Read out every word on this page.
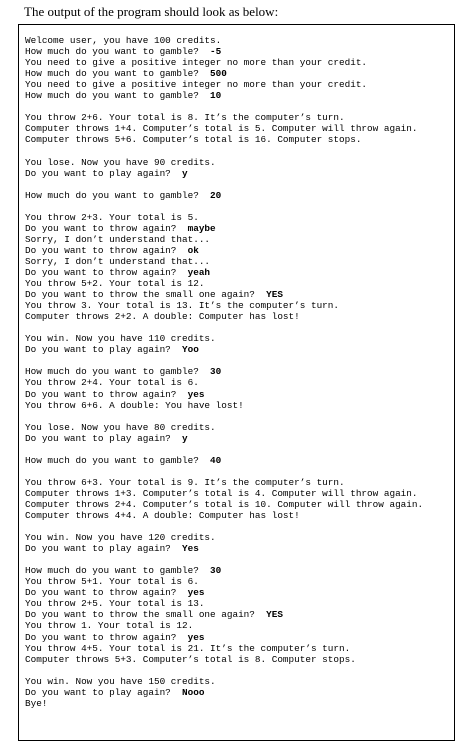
The output of the program should look as below:
Welcome user, you have 100 credits.
How much do you want to gamble?  -5
You need to give a positive integer no more than your credit.
How much do you want to gamble?  500
You need to give a positive integer no more than your credit.
How much do you want to gamble?  10
You throw 2+6. Your total is 8. It’s the computer’s turn.
Computer throws 1+4. Computer’s total is 5. Computer will throw again.
Computer throws 5+6. Computer’s total is 16. Computer stops.
You lose. Now you have 90 credits.
Do you want to play again?  y
How much do you want to gamble?  20
You throw 2+3. Your total is 5.
Do you want to throw again?  maybe
Sorry, I don’t understand that...
Do you want to throw again?  ok
Sorry, I don’t understand that...
Do you want to throw again?  yeah
You throw 5+2. Your total is 12.
Do you want to throw the small one again?  YES
You throw 3. Your total is 13. It’s the computer’s turn.
Computer throws 2+2. A double: Computer has lost!
You win. Now you have 110 credits.
Do you want to play again?  Yoo
How much do you want to gamble?  30
You throw 2+4. Your total is 6.
Do you want to throw again?  yes
You throw 6+6. A double: You have lost!
You lose. Now you have 80 credits.
Do you want to play again?  y
How much do you want to gamble?  40
You throw 6+3. Your total is 9. It’s the computer’s turn.
Computer throws 1+3. Computer’s total is 4. Computer will throw again.
Computer throws 2+4. Computer’s total is 10. Computer will throw again.
Computer throws 4+4. A double: Computer has lost!
You win. Now you have 120 credits.
Do you want to play again?  Yes
How much do you want to gamble?  30
You throw 5+1. Your total is 6.
Do you want to throw again?  yes
You throw 2+5. Your total is 13.
Do you want to throw the small one again?  YES
You throw 1. Your total is 12.
Do you want to throw again?  yes
You throw 4+5. Your total is 21. It’s the computer’s turn.
Computer throws 5+3. Computer’s total is 8. Computer stops.
You win. Now you have 150 credits.
Do you want to play again?  Nooo
Bye!
